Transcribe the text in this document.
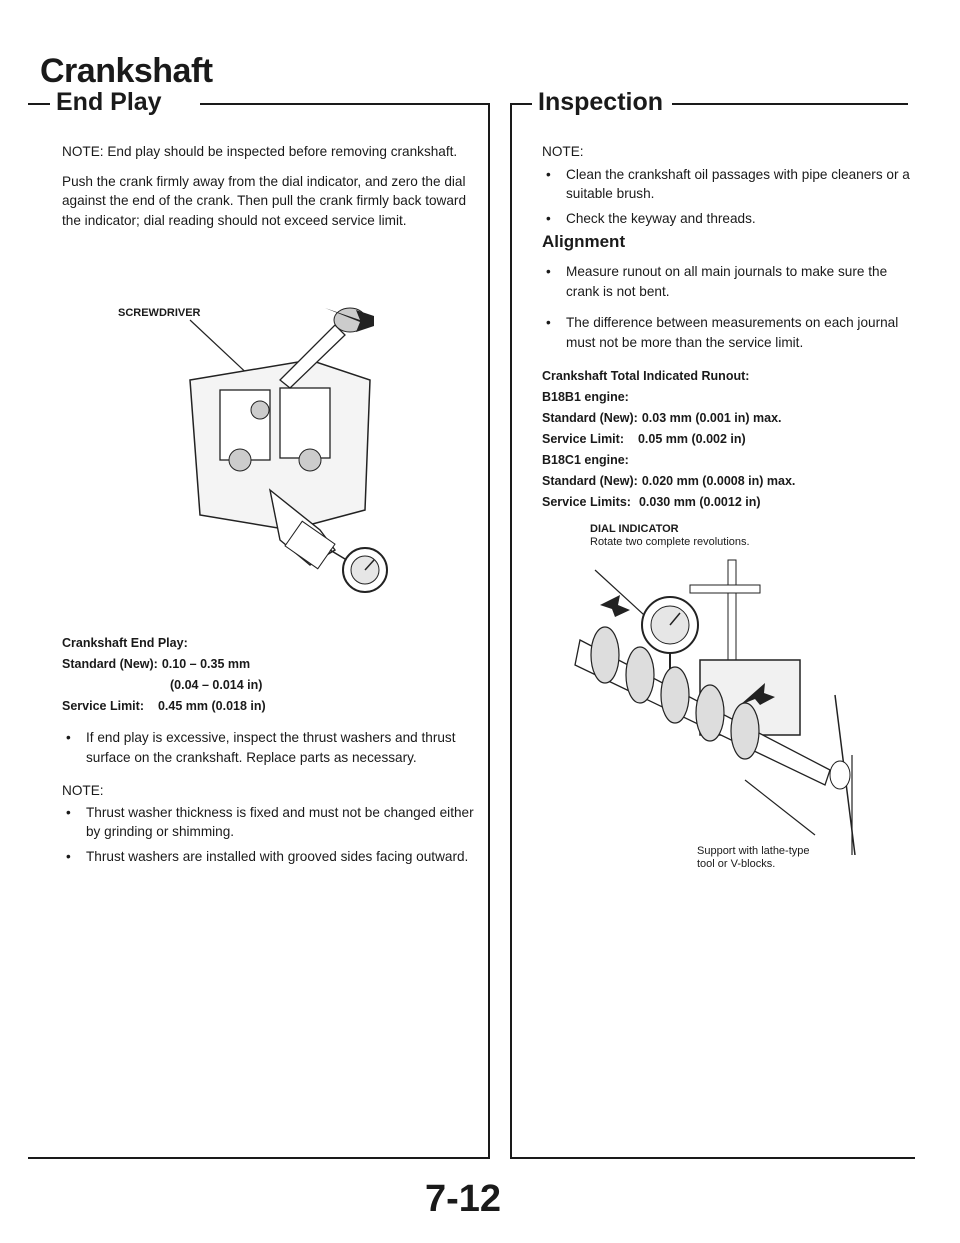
Crankshaft
End Play

NOTE: End play should be inspected before removing crankshaft.

Push the crank firmly away from the dial indicator, and zero the dial against the end of the crank. Then pull the crank firmly back toward the indicator; dial reading should not exceed service limit.

SCREWDRIVER
Crankshaft End Play:
Standard (New): 0.10 – 0.35 mm
(0.04 – 0.014 in)
Service Limit:	0.45 mm (0.018 in)
• If end play is excessive, inspect the thrust washers and thrust surface on the crankshaft. Replace parts as necessary.
NOTE:
• Thrust washer thickness is fixed and must not be changed either by grinding or shimming.
• Thrust washers are installed with grooved sides facing outward.
Inspection
NOTE:
• Clean the crankshaft oil passages with pipe cleaners or a suitable brush.
• Check the keyway and threads.
Alignment
• Measure runout on all main journals to make sure the crank is not bent.
• The difference between measurements on each journal must not be more than the service limit.
Crankshaft Total Indicated Runout:
B18B1 engine:
Standard (New): 0.03 mm (0.001 in) max.
Service Limit:	0.05 mm (0.002 in)
B18C1 engine:
Standard (New): 0.020 mm (0.0008 in) max.
Service Limits: 0.030 mm (0.0012 in)
DIAL INDICATOR
Rotate two complete revolutions.
Support with lathe-type tool or V-blocks.
7-12
